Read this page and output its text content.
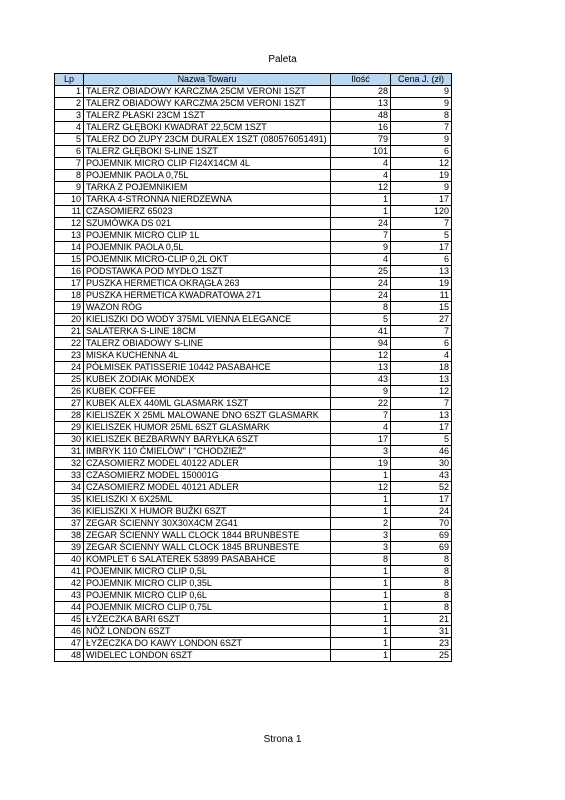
Paleta
Lp	Nazwa Towaru	Ilość	Cena J. (zł)
1	TALERZ OBIADOWY KARCZMA 25CM VERONI 1SZT	28	9
2	TALERZ OBIADOWY KARCZMA 25CM VERONI 1SZT	13	9
3	TALERZ PŁASKI 23CM 1SZT	48	8
4	TALERZ GŁĘBOKI KWADRAT 22,5CM 1SZT	16	7
5	TALERZ DO ZUPY 23CM DURALEX 1SZT (080576051491)	79	9
6	TALERZ GŁĘBOKI S-LINE 1SZT	101	6
7	POJEMNIK MICRO CLIP FI24X14CM 4L	4	12
8	POJEMNIK PAOLA 0,75L	4	19
9	TARKA Z POJEMNIKIEM	12	9
10	TARKA 4-STRONNA NIERDZEWNA	1	17
11	CZASOMIERZ 65023	1	120
12	SZUMÓWKA DS 021	24	7
13	POJEMNIK MICRO CLIP 1L	7	5
14	POJEMNIK PAOLA 0,5L	9	17
15	POJEMNIK MICRO-CLIP 0,2L OKT	4	6
16	PODSTAWKA POD MYDŁO 1SZT	25	13
17	PUSZKA HERMETICA OKRĄGŁA 263	24	19
18	PUSZKA HERMETICA KWADRATOWA 271	24	11
19	WAZON RÓG	8	15
20	KIELISZKI DO WODY 375ML VIENNA ELEGANCE	5	27
21	SALATERKA S-LINE 18CM	41	7
22	TALERZ OBIADOWY S-LINE	94	6
23	MISKA KUCHENNA 4L	12	4
24	PÓŁMISEK PATISSERIE 10442 PASABAHCE	13	18
25	KUBEK ZODIAK MONDEX	43	13
26	KUBEK COFFEE	9	12
27	KUBEK ALEX 440ML GLASMARK 1SZT	22	7
28	KIELISZEK X 25ML MALOWANE DNO 6SZT GLASMARK	7	13
29	KIELISZEK HUMOR 25ML 6SZT GLASMARK	4	17
30	KIELISZEK BEZBARWNY BARYŁKA 6SZT	17	5
31	IMBRYK 110 ĆMIELÓW" I "CHODZIEŻ"	3	46
32	CZASOMIERZ MODEL 40122 ADLER	19	30
33	CZASOMIERZ MODEL 150001G	1	43
34	CZASOMIERZ MODEL 40121 ADLER	12	52
35	KIELISZKI X 6X25ML	1	17
36	KIELISZKI X HUMOR BUŹKI 6SZT	1	24
37	ZEGAR ŚCIENNY 30X30X4CM ZG41	2	70
38	ZEGAR ŚCIENNY WALL CLOCK 1844 BRUNBESTE	3	69
39	ZEGAR ŚCIENNY WALL CLOCK 1845 BRUNBESTE	3	69
40	KOMPLET 6 SALATEREK 53899 PASABAHCE	8	8
41	POJEMNIK MICRO CLIP 0,5L	1	8
42	POJEMNIK MICRO CLIP 0,35L	1	8
43	POJEMNIK MICRO CLIP 0,6L	1	8
44	POJEMNIK MICRO CLIP 0,75L	1	8
45	ŁYŻECZKA BARI 6SZT	1	21
46	NÓŻ LONDON 6SZT	1	31
47	ŁYŻECZKA DO KAWY LONDON 6SZT	1	23
48	WIDELEC LONDON 6SZT	1	25
Strona 1
